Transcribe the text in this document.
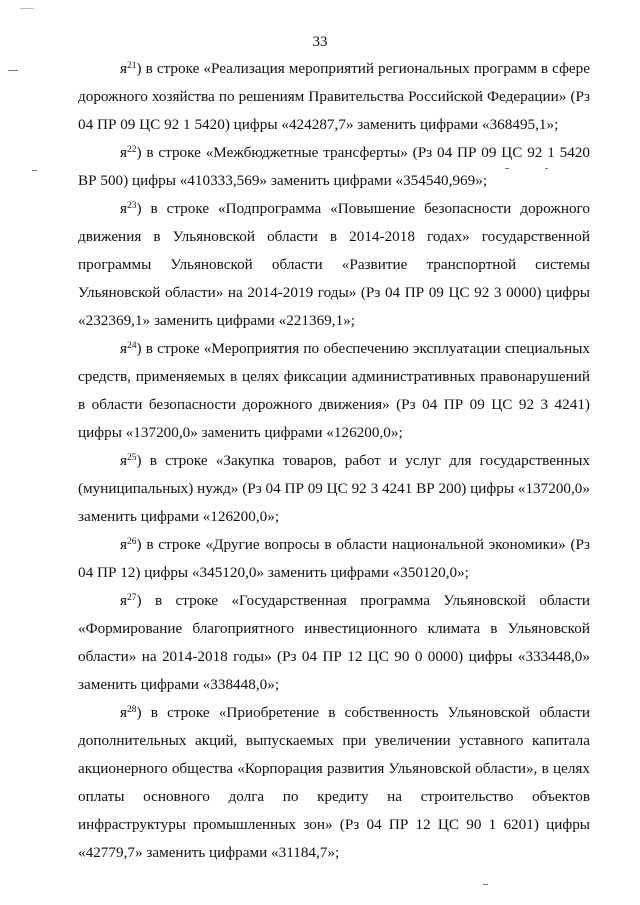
33

$я^{21}$) в строке «Реализация мероприятий региональных программ в сфере дорожного хозяйства по решениям Правительства Российской Федерации» (Рз 04 ПР 09 ЦС 92 1 5420) цифры «424287,7» заменить цифрами «368495,1»;

$я^{22}$) в строке «Межбюджетные трансферты» (Рз 04 ПР 09 ЦС 92 1 5420 ВР 500) цифры «410333,569» заменить цифрами «354540,969»;

$я^{23}$) в строке «Подпрограмма «Повышение безопасности дорожного движения в Ульяновской области в 2014-2018 годах» государственной программы Ульяновской области «Развитие транспортной системы Ульяновской области» на 2014-2019 годы» (Рз 04 ПР 09 ЦС 92 3 0000) цифры «232369,1» заменить цифрами «221369,1»;

$я^{24}$) в строке «Мероприятия по обеспечению эксплуатации специальных средств, применяемых в целях фиксации административных правонарушений в области безопасности дорожного движения» (Рз 04 ПР 09 ЦС 92 3 4241) цифры «137200,0» заменить цифрами «126200,0»;

$я^{25}$) в строке «Закупка товаров, работ и услуг для государственных (муниципальных) нужд» (Рз 04 ПР 09 ЦС 92 3 4241 ВР 200) цифры «137200,0» заменить цифрами «126200,0»;

$я^{26}$) в строке «Другие вопросы в области национальной экономики» (Рз 04 ПР 12) цифры «345120,0» заменить цифрами «350120,0»;

$я^{27}$) в строке «Государственная программа Ульяновской области «Формирование благоприятного инвестиционного климата в Ульяновской области» на 2014-2018 годы» (Рз 04 ПР 12 ЦС 90 0 0000) цифры «333448,0» заменить цифрами «338448,0»;

$я^{28}$) в строке «Приобретение в собственность Ульяновской области дополнительных акций, выпускаемых при увеличении уставного капитала акционерного общества «Корпорация развития Ульяновской области», в целях оплаты основного долга по кредиту на строительство объектов инфраструктуры промышленных зон» (Рз 04 ПР 12 ЦС 90 1 6201) цифры «42779,7» заменить цифрами «31184,7»;
